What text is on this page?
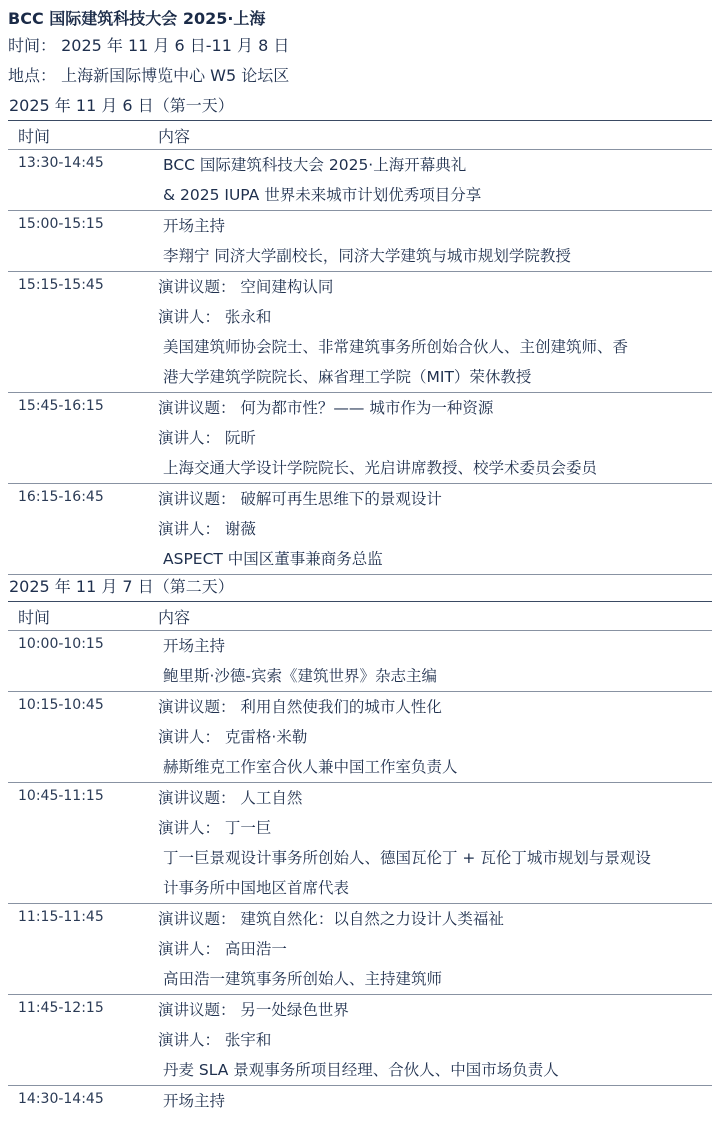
BCC 国际建筑科技大会 2025·上海
时间： 2025 年 11 月 6 日-11 月 8 日
地点： 上海新国际博览中心 W5 论坛区
2025 年 11 月 6 日（第一天）
时间	内容
13:30-14:45	BCC 国际建筑科技大会 2025·上海开幕典礼
& 2025 IUPA 世界未来城市计划优秀项目分享
15:00-15:15	开场主持
李翔宁 同济大学副校长，同济大学建筑与城市规划学院教授
15:15-15:45	演讲议题： 空间建构认同
演讲人： 张永和
美国建筑师协会院士、非常建筑事务所创始合伙人、主创建筑师、香
港大学建筑学院院长、麻省理工学院（MIT）荣休教授
15:45-16:15	演讲议题： 何为都市性？—— 城市作为一种资源
演讲人： 阮昕
上海交通大学设计学院院长、光启讲席教授、校学术委员会委员
16:15-16:45	演讲议题： 破解可再生思维下的景观设计
演讲人： 谢薇
ASPECT 中国区董事兼商务总监
2025 年 11 月 7 日（第二天）
时间	内容
10:00-10:15	开场主持
鲍里斯·沙德-宾索《建筑世界》杂志主编
10:15-10:45	演讲议题： 利用自然使我们的城市人性化
演讲人： 克雷格·米勒
赫斯维克工作室合伙人兼中国工作室负责人
10:45-11:15	演讲议题： 人工自然
演讲人： 丁一巨
丁一巨景观设计事务所创始人、德国瓦伦丁 + 瓦伦丁城市规划与景观设
计事务所中国地区首席代表
11:15-11:45	演讲议题： 建筑自然化：以自然之力设计人类福祉
演讲人： 高田浩一
高田浩一建筑事务所创始人、主持建筑师
11:45-12:15	演讲议题： 另一处绿色世界
演讲人： 张宇和
丹麦 SLA 景观事务所项目经理、合伙人、中国市场负责人
14:30-14:45	开场主持
